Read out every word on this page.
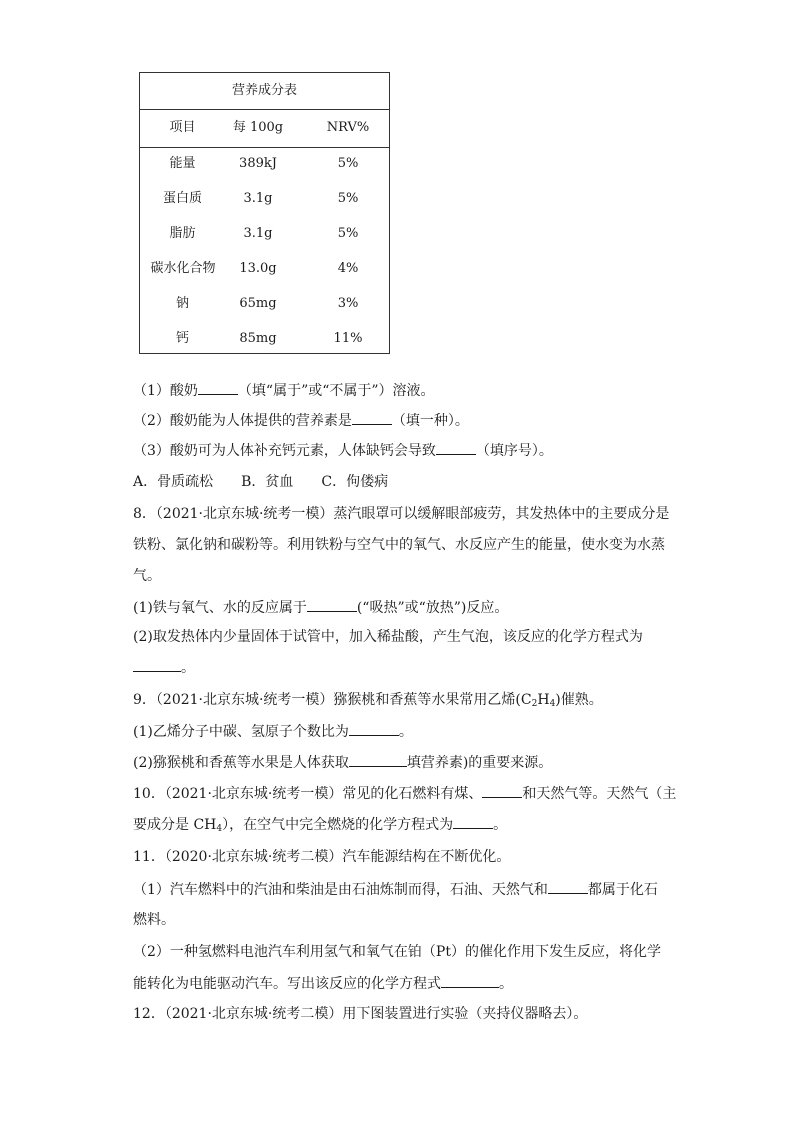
营养成分表
项目	每 100g	NRV%
能量	389kJ	5%
蛋白质	3.1g	5%
脂肪	3.1g	5%
碳水化合物	13.0g	4%
钠	65mg	3%
钙	85mg	11%
（1）酸奶	（填“属于”或“不属于”）溶液。
（2）酸奶能为人体提供的营养素是	（填一种）。
（3）酸奶可为人体补充钙元素，人体缺钙会导致	（填序号）。
A．骨质疏松　　B．贫血　　C．佝偻病
8．（2021·北京东城·统考一模）蒸汽眼罩可以缓解眼部疲劳，其发热体中的主要成分是
铁粉、氯化钠和碳粉等。利用铁粉与空气中的氧气、水反应产生的能量，使水变为水蒸
气。
(1)铁与氧气、水的反应属于	(“吸热”或“放热”)反应。
(2)取发热体内少量固体于试管中，加入稀盐酸，产生气泡，该反应的化学方程式为
。
9．（2021·北京东城·统考一模）猕猴桃和香蕉等水果常用乙烯$(C_2H_4)$催熟。
(1)乙烯分子中碳、氢原子个数比为	。
(2)猕猴桃和香蕉等水果是人体获取	填营养素)的重要来源。
10．（2021·北京东城·统考一模）常见的化石燃料有煤、	和天然气等。天然气（主
要成分是 $CH_4$），在空气中完全燃烧的化学方程式为	。
11．（2020·北京东城·统考二模）汽车能源结构在不断优化。
（1）汽车燃料中的汽油和柴油是由石油炼制而得，石油、天然气和	都属于化石
燃料。
（2）一种氢燃料电池汽车利用氢气和氧气在铂（Pt）的催化作用下发生反应，将化学
能转化为电能驱动汽车。写出该反应的化学方程式	。
12．（2021·北京东城·统考二模）用下图装置进行实验（夹持仪器略去）。
